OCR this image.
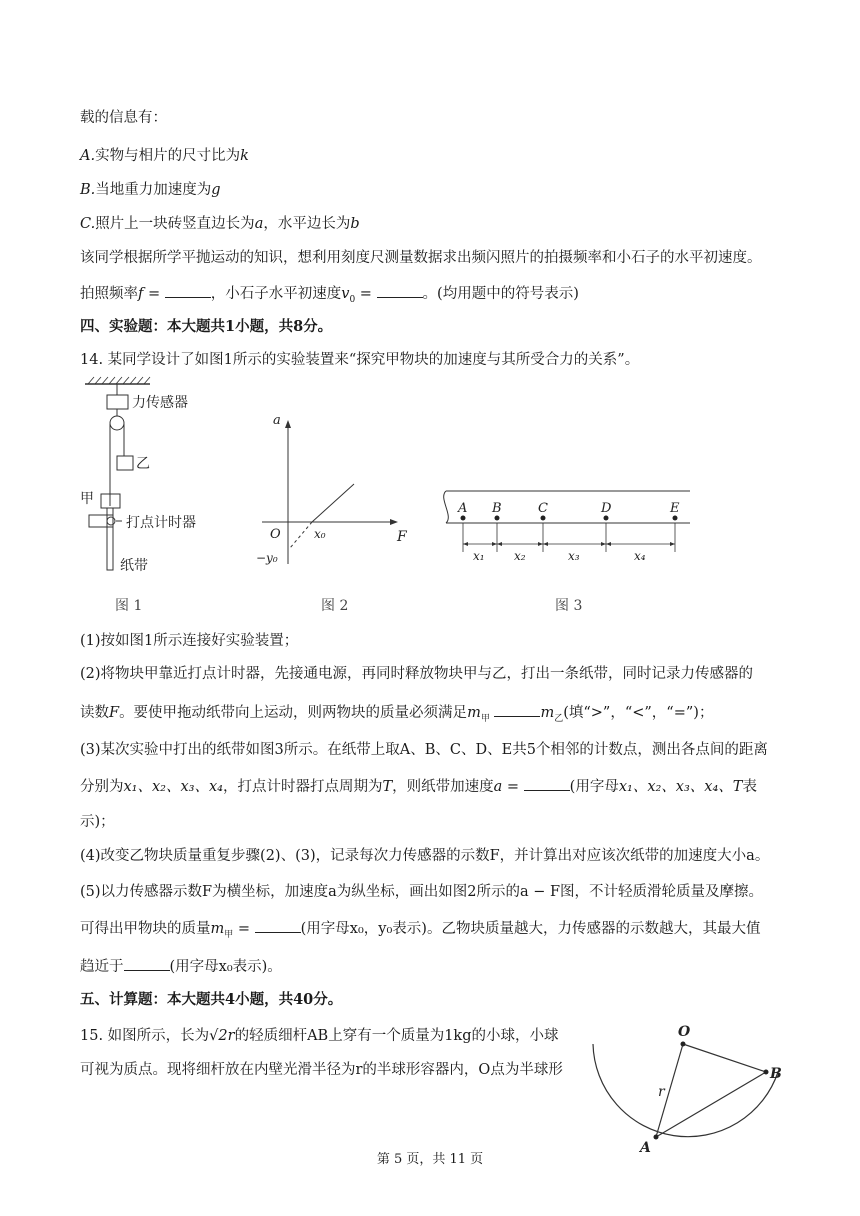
载的信息有：
A.实物与相片的尺寸比为k
B.当地重力加速度为g
C.照片上一块砖竖直边长为a，水平边长为b
该同学根据所学平抛运动的知识，想利用刻度尺测量数据求出频闪照片的拍摄频率和小石子的水平初速度。
拍照频率f =	，小石子水平初速度$v_0$ =	。(均用题中的符号表示)
四、实验题：本大题共1小题，共8分。
14. 某同学设计了如图1所示的实验装置来“探究甲物块的加速度与其所受合力的关系”。
力传感器
乙
甲
打点计时器
纸带
图 1
a
F
O	x₀
−y₀
图 2
A B	C	D	E
x₁ x₂	x₃	x₄
图 3
(1)按如图1所示连接好实验装置；
(2)将物块甲靠近打点计时器，先接通电源，再同时释放物块甲与乙，打出一条纸带，同时记录力传感器的
读数F。要使甲拖动纸带向上运动，则两物块的质量必须满足$m_甲$	$m_乙$(填“>”，“<”，“=”)；
(3)某次实验中打出的纸带如图3所示。在纸带上取A、B、C、D、E共5个相邻的计数点，测出各点间的距离
分别为x₁、x₂、x₃、x₄，打点计时器打点周期为T，则纸带加速度a =	(用字母x₁、x₂、x₃、x₄、T表
示)；
(4)改变乙物块质量重复步骤(2)、(3)，记录每次力传感器的示数F，并计算出对应该次纸带的加速度大小a。
(5)以力传感器示数F为横坐标，加速度a为纵坐标，画出如图2所示的a − F图，不计轻质滑轮质量及摩擦。
可得出甲物块的质量$m_甲$ =	(用字母x₀，y₀表示)。乙物块质量越大，力传感器的示数越大，其最大值
趋近于	(用字母x₀表示)。
五、计算题：本大题共4小题，共40分。
15. 如图所示，长为√2r的轻质细杆AB上穿有一个质量为1kg的小球，小球
可视为质点。现将细杆放在内壁光滑半径为r的半球形容器内，O点为半球形
O
r
A
B
第 5 页，共 11 页
